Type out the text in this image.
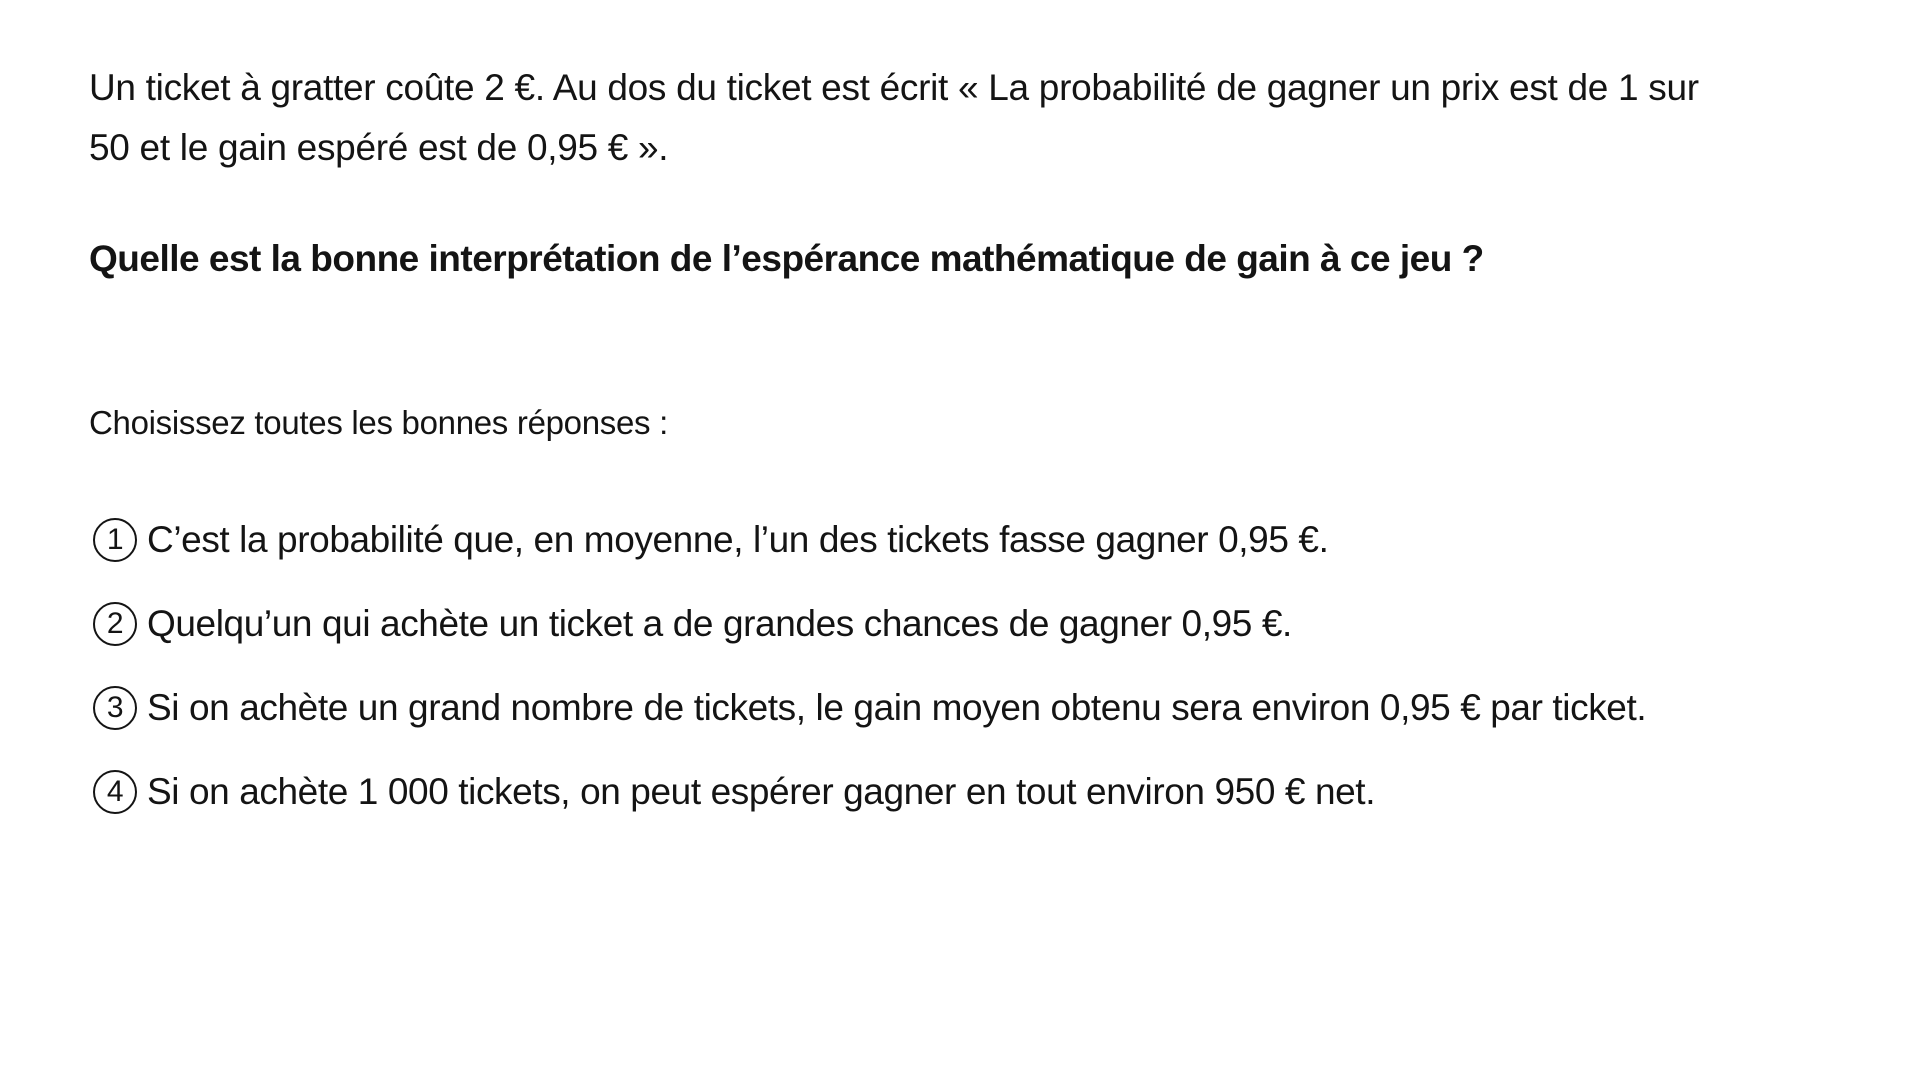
Un ticket à gratter coûte 2 €. Au dos du ticket est écrit « La probabilité de gagner un prix est de 1 sur

50 et le gain espéré est de 0,95 € ».

Quelle est la bonne interprétation de l’espérance mathématique de gain à ce jeu ?

Choisissez toutes les bonnes réponses :

1 C’est la probabilité que, en moyenne, l’un des tickets fasse gagner 0,95 €.
2 Quelqu’un qui achète un ticket a de grandes chances de gagner 0,95 €.
3 Si on achète un grand nombre de tickets, le gain moyen obtenu sera environ 0,95 € par ticket.
4 Si on achète 1 000 tickets, on peut espérer gagner en tout environ 950 € net.
